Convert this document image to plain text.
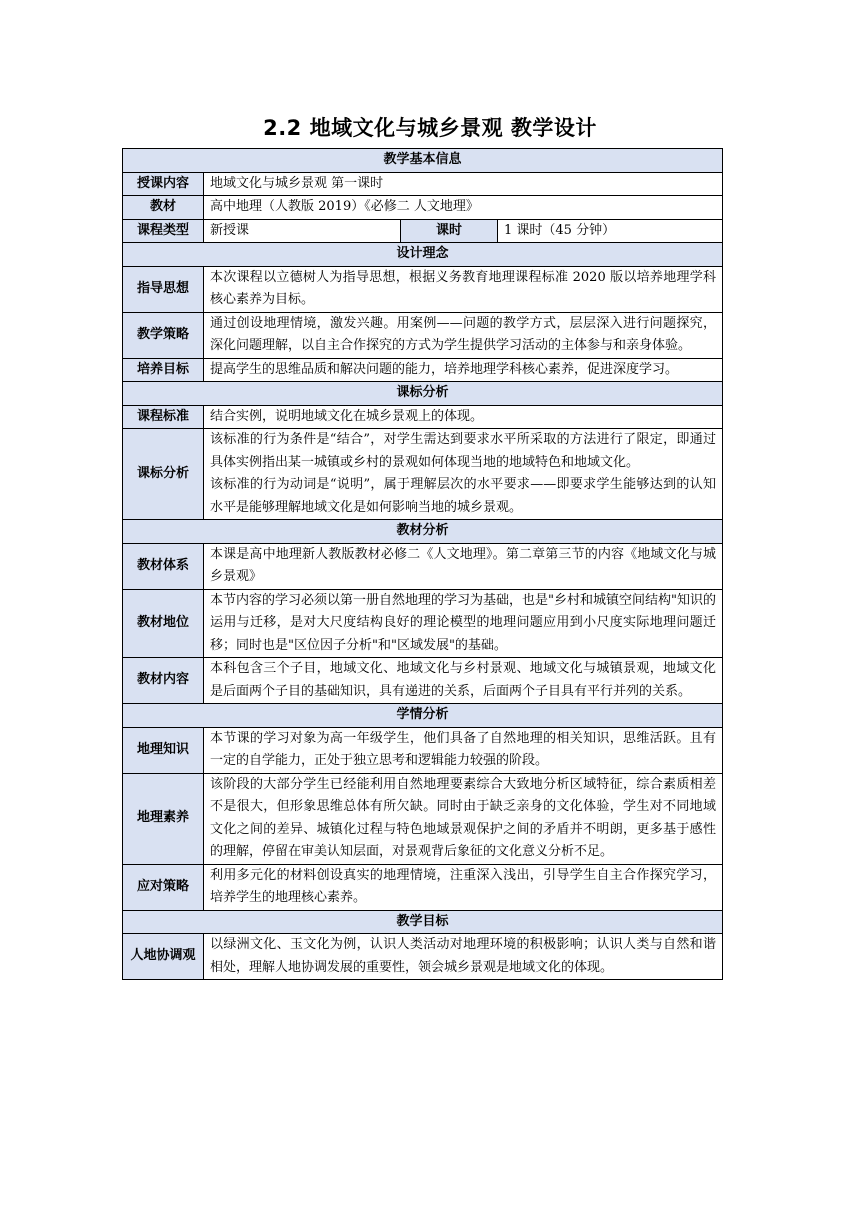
2.2 地域文化与城乡景观 教学设计
教学基本信息			
授课内容	地域文化与城乡景观 第一课时		
教材	高中地理（人教版 2019）《必修二 人文地理》		
课程类型	新授课	课时	1 课时（45 分钟）
设计理念			
指导思想	本次课程以立德树人为指导思想，根据义务教育地理课程标准 2020 版以培养地理学科核心素养为目标。		
教学策略	通过创设地理情境，激发兴趣。用案例——问题的教学方式，层层深入进行问题探究，深化问题理解，以自主合作探究的方式为学生提供学习活动的主体参与和亲身体验。		
培养目标	提高学生的思维品质和解决问题的能力，培养地理学科核心素养，促进深度学习。		
课标分析			
课程标准	结合实例，说明地域文化在城乡景观上的体现。		
课标分析	该标准的行为条件是“结合”，对学生需达到要求水平所采取的方法进行了限定，即通过具体实例指出某一城镇或乡村的景观如何体现当地的地域特色和地域文化。
该标准的行为动词是“说明”，属于理解层次的水平要求——即要求学生能够达到的认知水平是能够理解地域文化是如何影响当地的城乡景观。		

教材分析			
教材体系	本课是高中地理新人教版教材必修二《人文地理》。第二章第三节的内容《地域文化与城乡景观》		
教材地位	本节内容的学习必须以第一册自然地理的学习为基础，也是"乡村和城镇空间结构"知识的运用与迁移，是对大尺度结构良好的理论模型的地理问题应用到小尺度实际地理问题迁移；同时也是"区位因子分析"和"区域发展"的基础。		
教材内容	本科包含三个子目，地域文化、地域文化与乡村景观、地域文化与城镇景观，地域文化是后面两个子目的基础知识，具有递进的关系，后面两个子目具有平行并列的关系。		
学情分析			
地理知识	本节课的学习对象为高一年级学生，他们具备了自然地理的相关知识，思维活跃。且有一定的自学能力，正处于独立思考和逻辑能力较强的阶段。		
地理素养	该阶段的大部分学生已经能利用自然地理要素综合大致地分析区域特征，综合素质相差不是很大，但形象思维总体有所欠缺。同时由于缺乏亲身的文化体验，学生对不同地域文化之间的差异、城镇化过程与特色地域景观保护之间的矛盾并不明朗，更多基于感性的理解，停留在审美认知层面，对景观背后象征的文化意义分析不足。		
应对策略	利用多元化的材料创设真实的地理情境，注重深入浅出，引导学生自主合作探究学习，培养学生的地理核心素养。		
教学目标			
人地协调观	以绿洲文化、玉文化为例，认识人类活动对地理环境的积极影响；认识人类与自然和谐相处，理解人地协调发展的重要性，领会城乡景观是地域文化的体现。		
